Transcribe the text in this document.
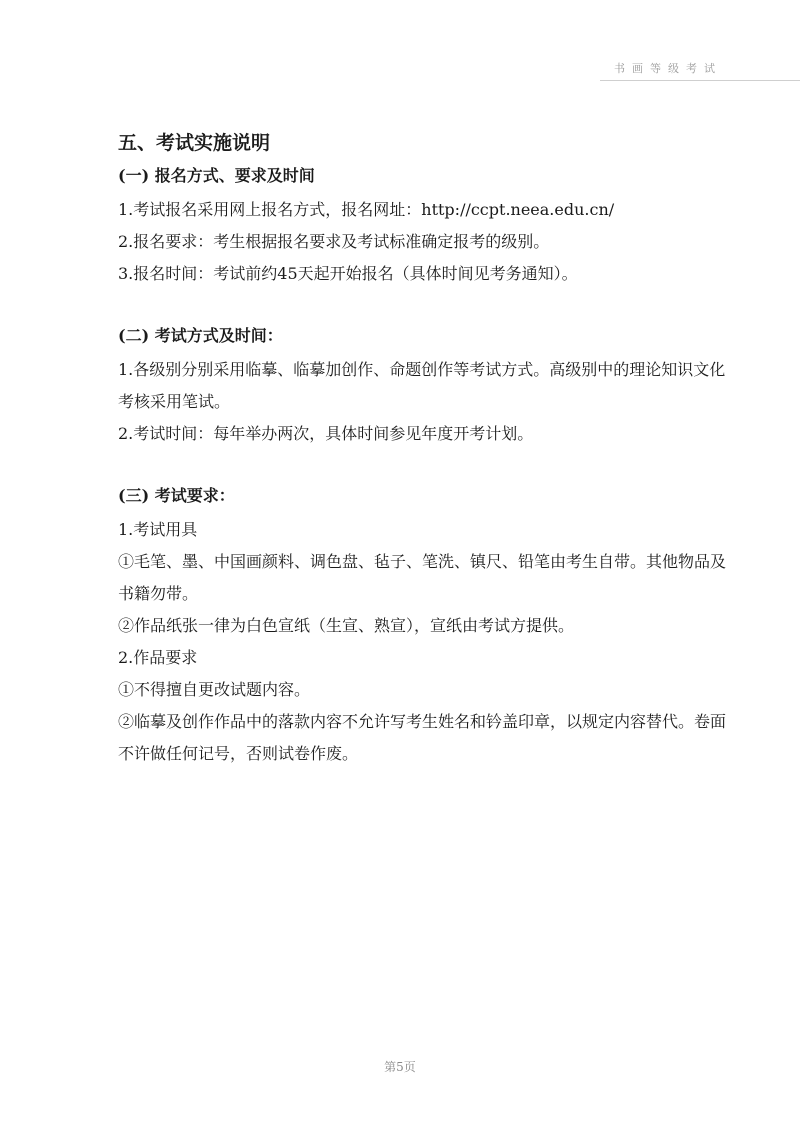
书画等级考试
五、考试实施说明
(一) 报名方式、要求及时间

1.考试报名采用网上报名方式，报名网址：http://ccpt.neea.edu.cn/

2.报名要求：考生根据报名要求及考试标准确定报考的级别。

3.报名时间：考试前约45天起开始报名（具体时间见考务通知）。

(二) 考试方式及时间：

1.各级别分别采用临摹、临摹加创作、命题创作等考试方式。高级别中的理论知识文化考核采用笔试。

2.考试时间：每年举办两次，具体时间参见年度开考计划。

(三) 考试要求：

1.考试用具

①毛笔、墨、中国画颜料、调色盘、毡子、笔洗、镇尺、铅笔由考生自带。其他物品及书籍勿带。

②作品纸张一律为白色宣纸（生宣、熟宣），宣纸由考试方提供。

2.作品要求

①不得擅自更改试题内容。

②临摹及创作作品中的落款内容不允许写考生姓名和钤盖印章，以规定内容替代。卷面不许做任何记号，否则试卷作废。

第5页
